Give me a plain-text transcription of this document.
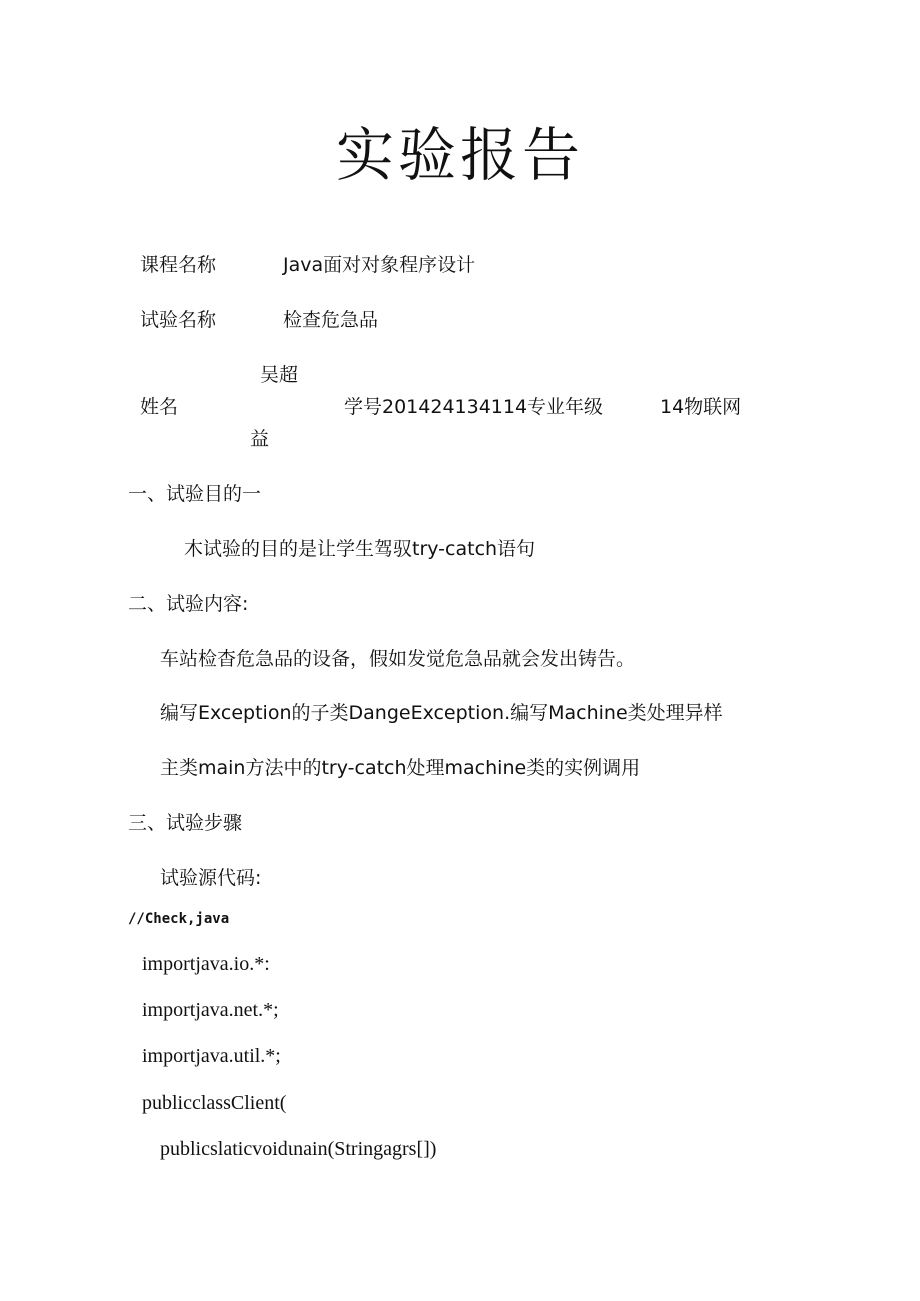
实验报告
课程名称	Java面对对象程序设计
试验名称	检查危急品
吴超
姓名	学号201424134114专业年级	14物联网
益
一、试验目的一
木试验的目的是让学生驾驭try-catch语句
二、试验内容:
车站检杳危急品的设备，假如发觉危急品就会发出铸告。
编写Exception的子类DangeException.编写Machine类处理异样
主类main方法中的try-catch处理machine类的实例调用
三、试验步骤
试验源代码:
//Check,java
importjava.io.*:
importjava.net.*;
importjava.util.*;
publicclassClient(
publicslaticvoidιnain(Stringagrs[])
